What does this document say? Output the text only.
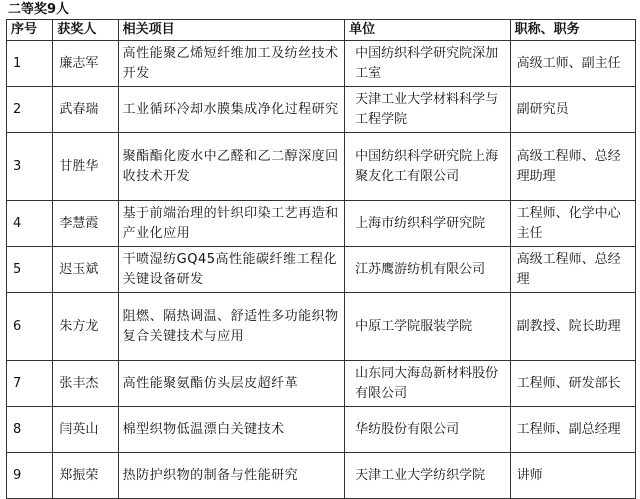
二等奖9人
序号	获奖人	相关项目	单位	职称、职务
1	廉志军	高性能聚乙烯短纤维加工及纺丝技术开发	中国纺织科学研究院深加工室	高级工师、副主任
2	武春瑞	工业循环冷却水膜集成净化过程研究	天津工业大学材料科学与工程学院	副研究员
3	甘胜华	聚酯酯化废水中乙醛和乙二醇深度回收技术开发	中国纺织科学研究院上海聚友化工有限公司	高级工程师、总经理助理
4	李慧霞	基于前端治理的针织印染工艺再造和产业化应用	上海市纺织科学研究院	工程师、化学中心主任
5	迟玉斌	干喷湿纺GQ45高性能碳纤维工程化关键设备研发	江苏鹰游纺机有限公司	高级工程师、总经理
6	朱方龙	阻燃、隔热调温、舒适性多功能织物复合关键技术与应用	中原工学院服装学院	副教授、院长助理
7	张丰杰	高性能聚氨酯仿头层皮超纤革	山东同大海岛新材料股份有限公司	工程师、研发部长
8	闫英山	棉型织物低温漂白关键技术	华纺股份有限公司	工程师、副总经理
9	郑振荣	热防护织物的制备与性能研究	天津工业大学纺织学院	讲师
